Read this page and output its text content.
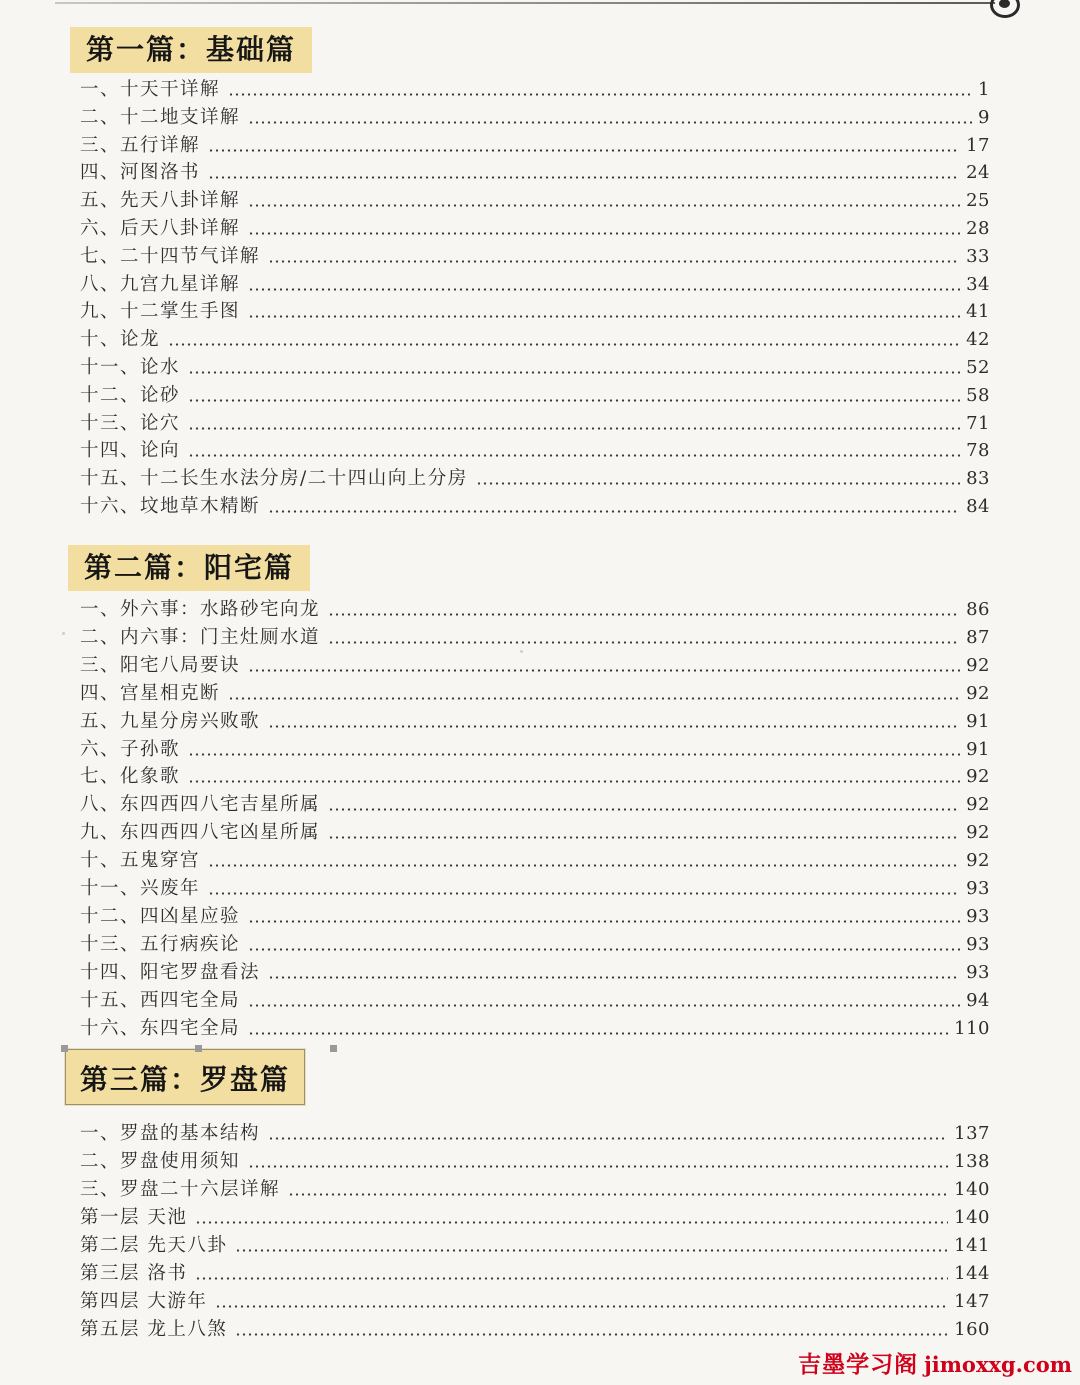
第一篇：基础篇
一、十天干详解	1
二、十二地支详解	9
三、五行详解	17
四、河图洛书	24
五、先天八卦详解	25
六、后天八卦详解	28
七、二十四节气详解	33
八、九宫九星详解	34
九、十二掌生手图	41
十、论龙	42
十一、论水	52
十二、论砂	58
十三、论穴	71
十四、论向	78
十五、十二长生水法分房/二十四山向上分房	83
十六、坟地草木精断	84
第二篇：阳宅篇
一、外六事：水路砂宅向龙	86
二、内六事：门主灶厕水道	87
三、阳宅八局要诀	92
四、宫星相克断	92
五、九星分房兴败歌	91
六、子孙歌	91
七、化象歌	92
八、东四西四八宅吉星所属	92
九、东四西四八宅凶星所属	92
十、五鬼穿宫	92
十一、兴废年	93
十二、四凶星应验	93
十三、五行病疾论	93
十四、阳宅罗盘看法	93
十五、西四宅全局	94
十六、东四宅全局	110
第三篇：罗盘篇
一、罗盘的基本结构	137
二、罗盘使用须知	138
三、罗盘二十六层详解	140
第一层 天池	140
第二层 先天八卦	141
第三层 洛书	144
第四层 大游年	147
第五层 龙上八煞	160
吉墨学习阁 jimoxxg.com
